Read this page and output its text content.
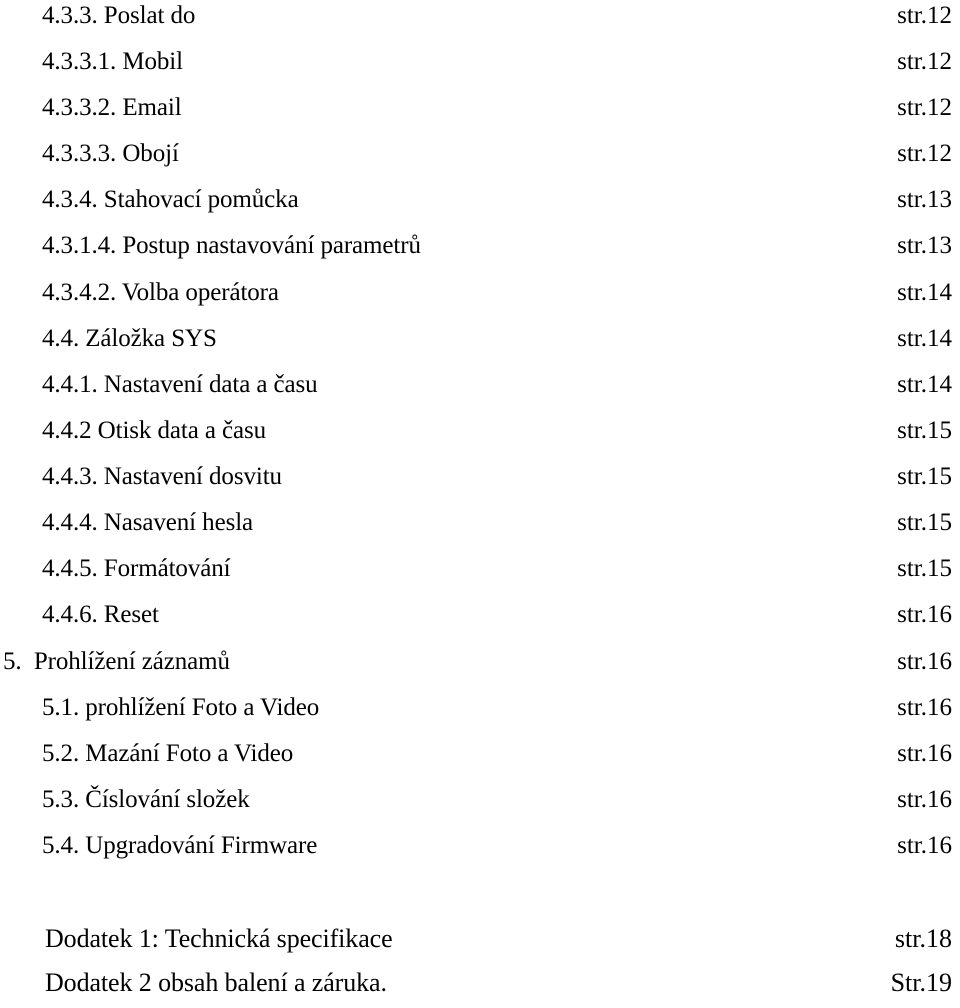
4.3.3. Poslat do	str.12
4.3.3.1. Mobil	str.12
4.3.3.2. Email	str.12
4.3.3.3. Obojí	str.12
4.3.4. Stahovací pomůcka	str.13
4.3.1.4. Postup nastavování parametrů	str.13
4.3.4.2. Volba operátora	str.14
4.4. Záložka SYS	str.14
4.4.1. Nastavení data a času	str.14
4.4.2 Otisk data a času	str.15
4.4.3. Nastavení dosvitu	str.15
4.4.4. Nasavení hesla	str.15
4.4.5. Formátování	str.15
4.4.6. Reset	str.16
5.  Prohlížení záznamů	str.16
5.1. prohlížení Foto a Video	str.16
5.2. Mazání Foto a Video	str.16
5.3. Číslování složek	str.16
5.4. Upgradování Firmware	str.16
Dodatek 1: Technická specifikace	str.18
Dodatek 2 obsah balení a záruka.	Str.19
